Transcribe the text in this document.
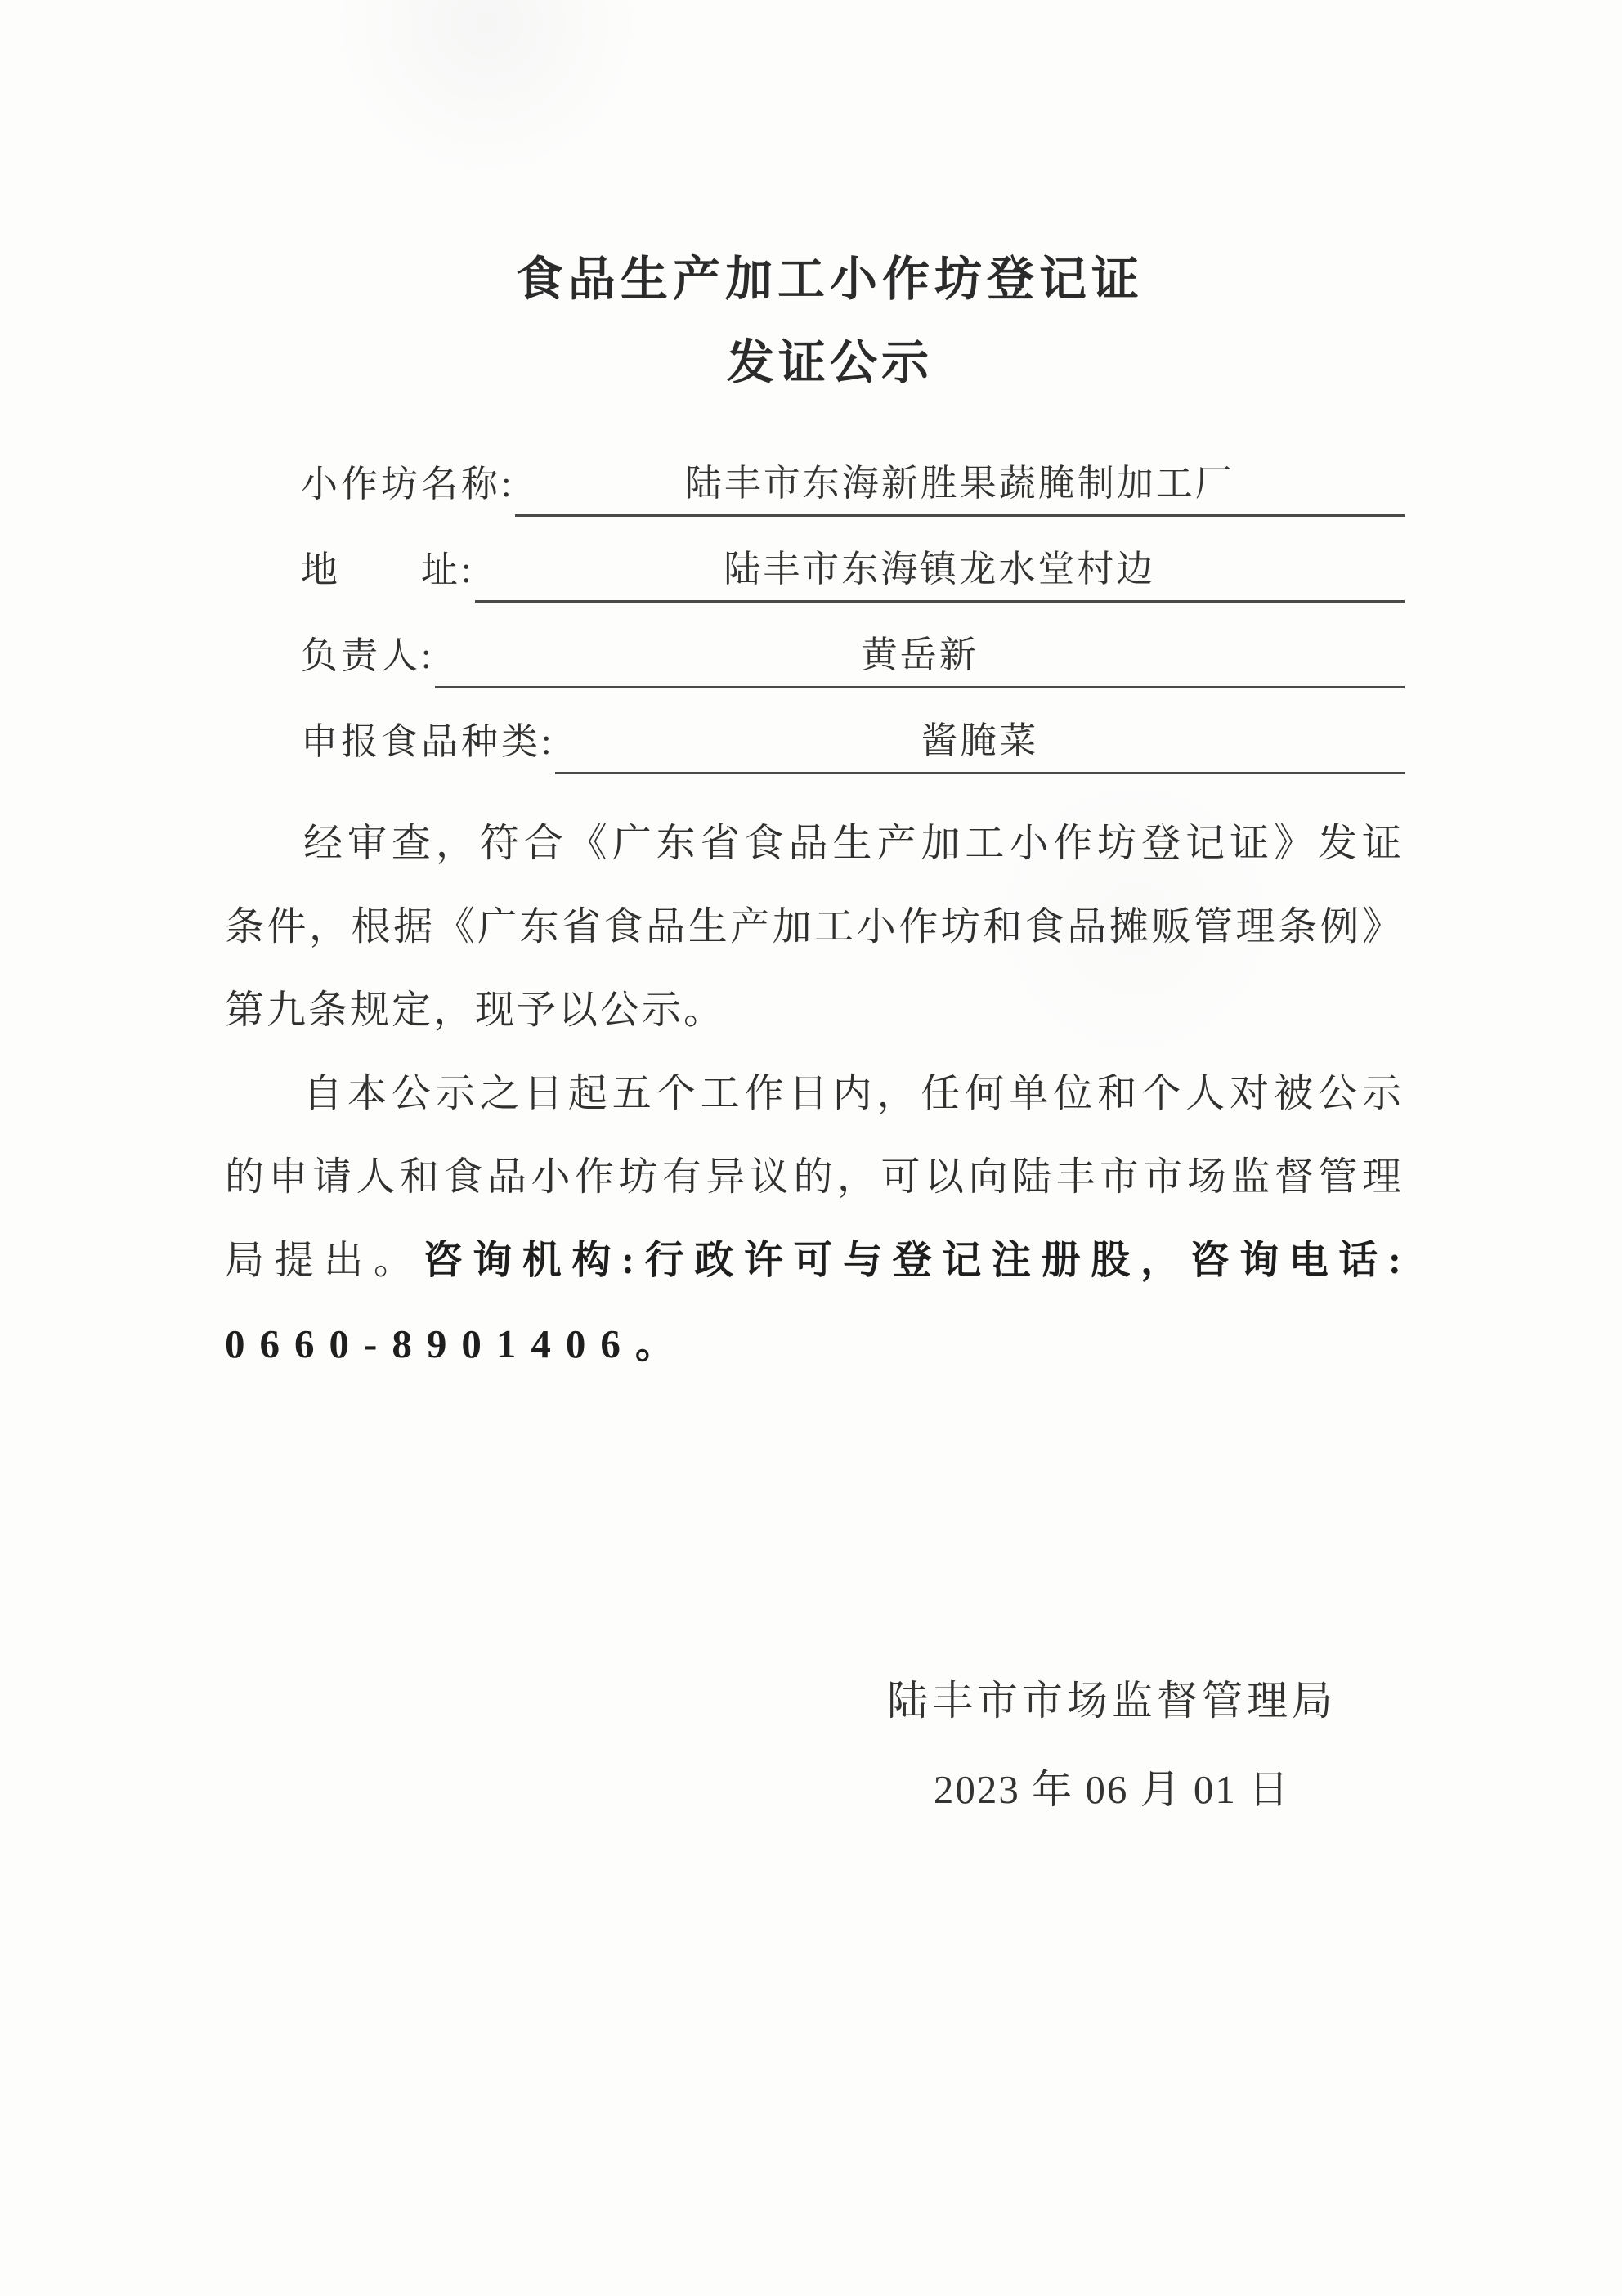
食品生产加工小作坊登记证
发证公示
小作坊名称:	陆丰市东海新胜果蔬腌制加工厂
地　　址:	陆丰市东海镇龙水堂村边
负责人:	黄岳新
申报食品种类:	酱腌菜
经审查，符合《广东省食品生产加工小作坊登记证》发证
条件，根据《广东省食品生产加工小作坊和食品摊贩管理条例》
第九条规定，现予以公示。
自本公示之日起五个工作日内，任何单位和个人对被公示
的申请人和食品小作坊有异议的，可以向陆丰市市场监督管理
局提出。咨询机构:行政许可与登记注册股，咨询电话:
0660-8901406。
陆丰市市场监督管理局
2023 年 06 月 01 日
